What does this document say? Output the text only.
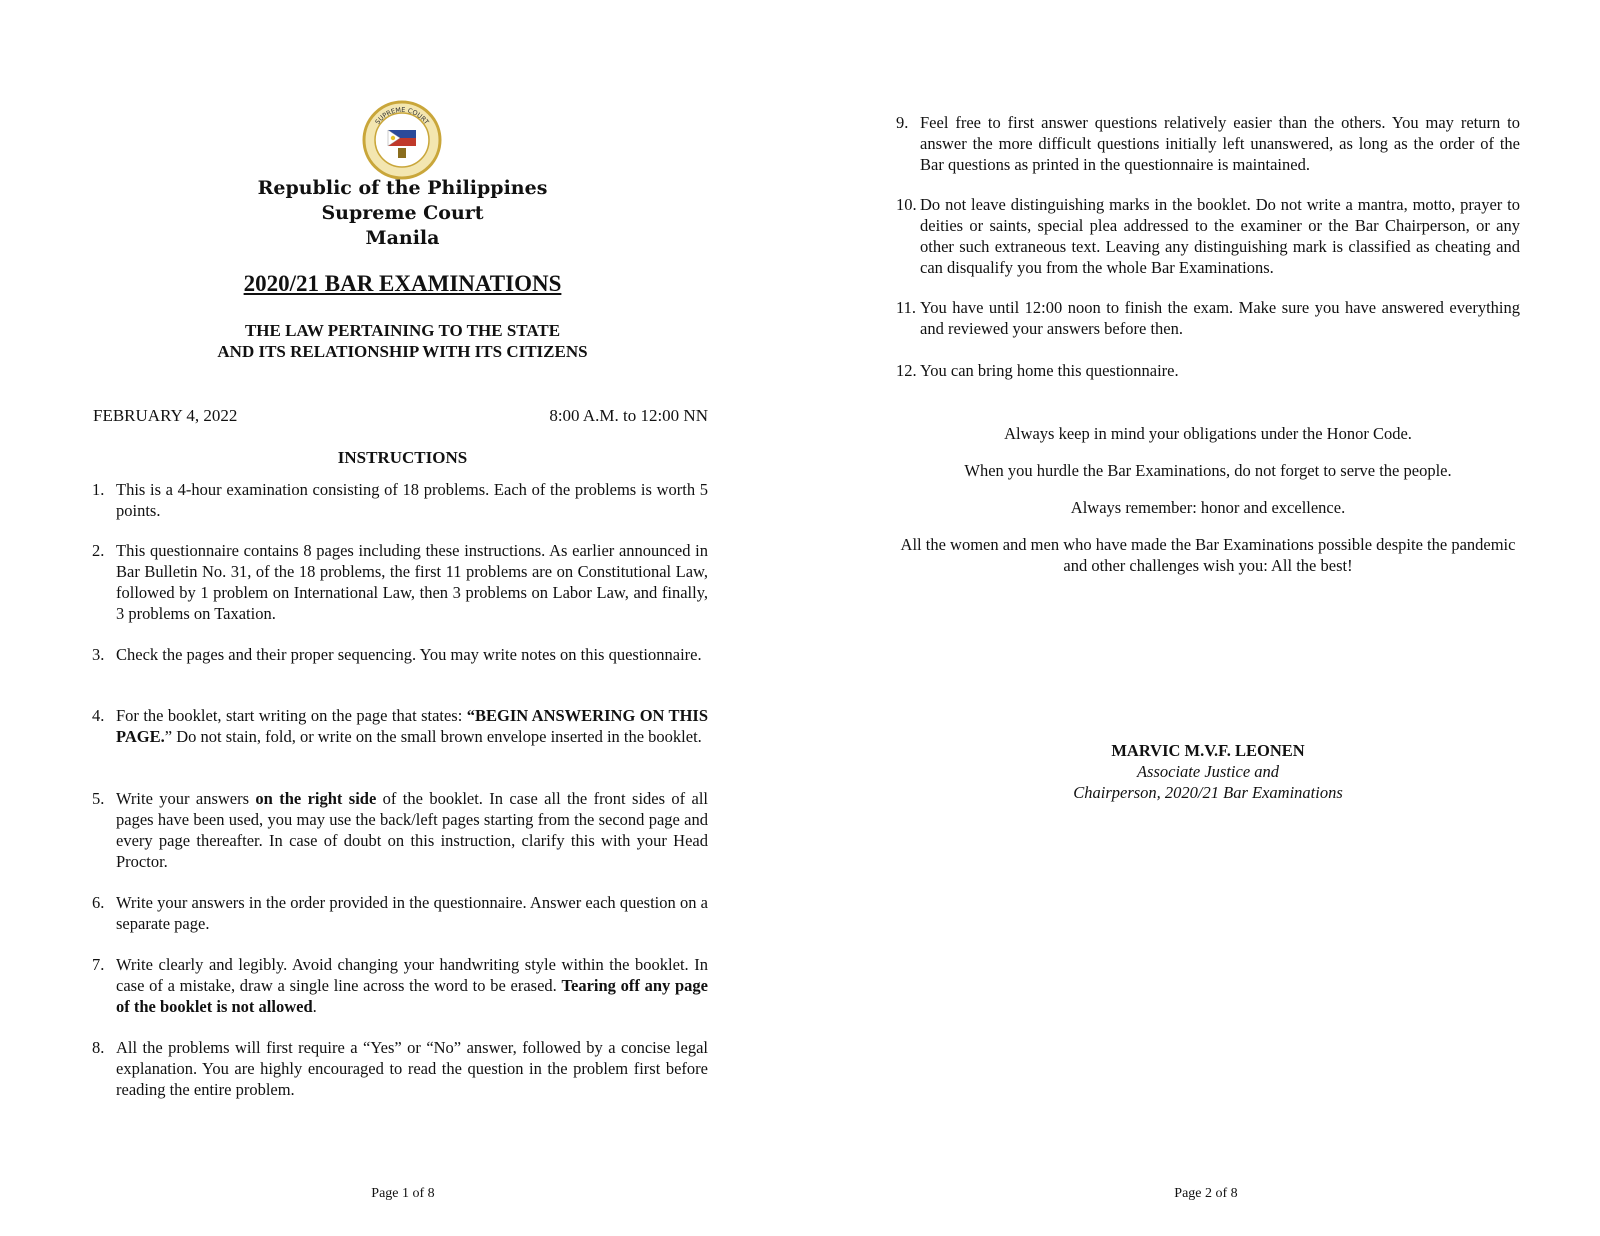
SUPREME COURT
Republic of the Philippines
Supreme Court
Manila
2020/21 BAR EXAMINATIONS
THE LAW PERTAINING TO THE STATE
AND ITS RELATIONSHIP WITH ITS CITIZENS
FEBRUARY 4, 2022	8:00 A.M. to 12:00 NN
INSTRUCTIONS
1. This is a 4-hour examination consisting of 18 problems. Each of the problems is worth 5 points.
2. This questionnaire contains 8 pages including these instructions. As earlier announced in Bar Bulletin No. 31, of the 18 problems, the first 11 problems are on Constitutional Law, followed by 1 problem on International Law, then 3 problems on Labor Law, and finally, 3 problems on Taxation.
3. Check the pages and their proper sequencing. You may write notes on this questionnaire.
4. For the booklet, start writing on the page that states: “BEGIN ANSWERING ON THIS PAGE.” Do not stain, fold, or write on the small brown envelope inserted in the booklet.
5. Write your answers on the right side of the booklet. In case all the front sides of all pages have been used, you may use the back/left pages starting from the second page and every page thereafter. In case of doubt on this instruction, clarify this with your Head Proctor.
6. Write your answers in the order provided in the questionnaire. Answer each question on a separate page.
7. Write clearly and legibly. Avoid changing your handwriting style within the booklet. In case of a mistake, draw a single line across the word to be erased. Tearing off any page of the booklet is not allowed.
8. All the problems will first require a “Yes” or “No” answer, followed by a concise legal explanation. You are highly encouraged to read the question in the problem first before reading the entire problem.
Page 1 of 8
9. Feel free to first answer questions relatively easier than the others. You may return to answer the more difficult questions initially left unanswered, as long as the order of the Bar questions as printed in the questionnaire is maintained.
10. Do not leave distinguishing marks in the booklet. Do not write a mantra, motto, prayer to deities or saints, special plea addressed to the examiner or the Bar Chairperson, or any other such extraneous text. Leaving any distinguishing mark is classified as cheating and can disqualify you from the whole Bar Examinations.
11. You have until 12:00 noon to finish the exam. Make sure you have answered everything and reviewed your answers before then.
12. You can bring home this questionnaire.
Always keep in mind your obligations under the Honor Code.
When you hurdle the Bar Examinations, do not forget to serve the people.
Always remember: honor and excellence.
All the women and men who have made the Bar Examinations possible despite the pandemic and other challenges wish you: All the best!
MARVIC M.V.F. LEONEN
Associate Justice and
Chairperson, 2020/21 Bar Examinations
Page 2 of 8
